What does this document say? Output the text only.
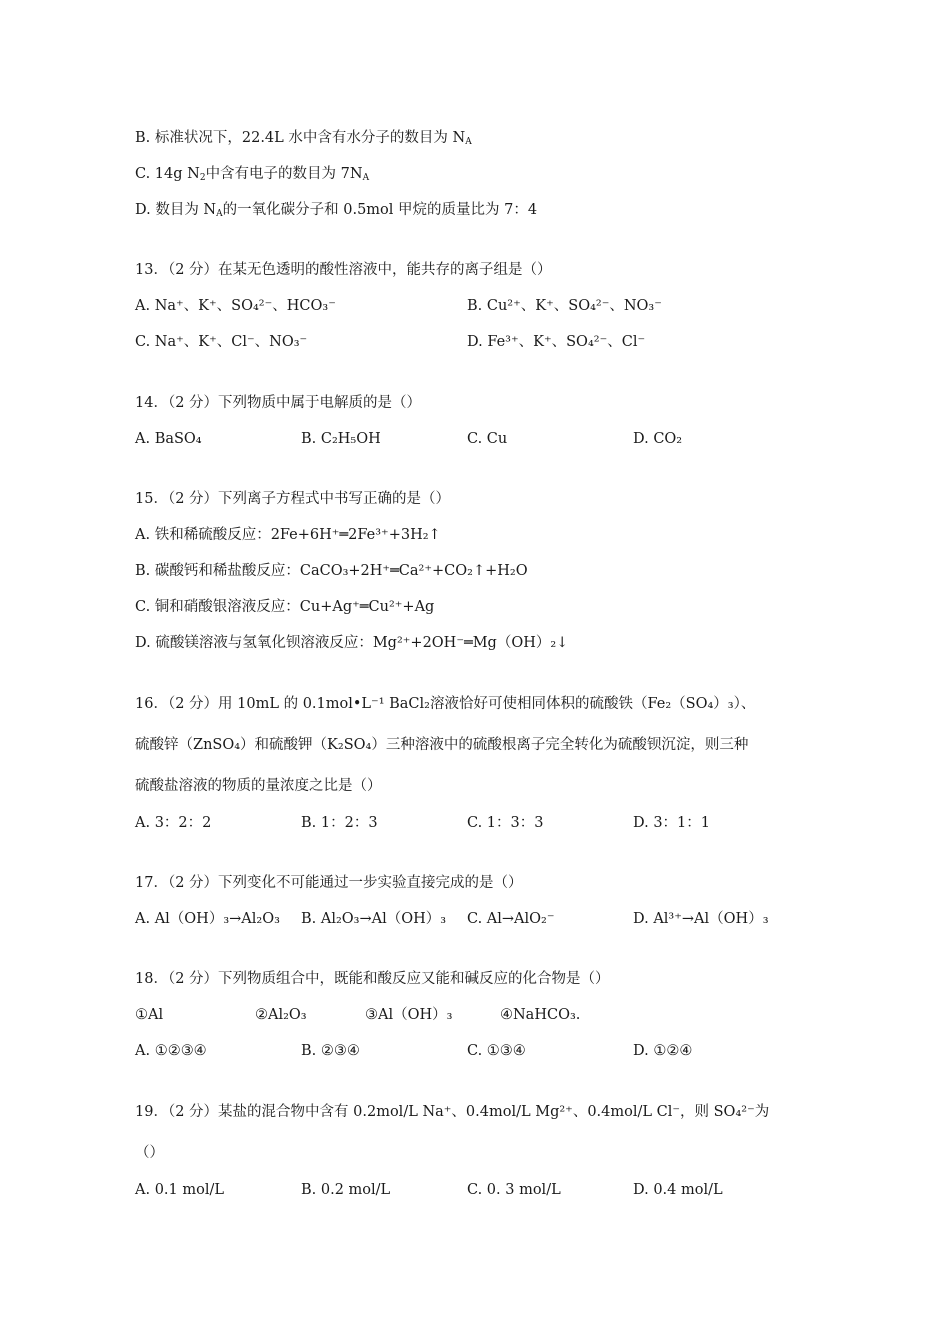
B. 标准状况下，22.4L 水中含有水分子的数目为 $N_A$
C. 14g $N_2$中含有电子的数目为 $7N_A$
D. 数目为 $N_A$的一氧化碳分子和 0.5mol 甲烷的质量比为 7：4
13．（2 分）在某无色透明的酸性溶液中，能共存的离子组是（）
A. Na⁺、K⁺、SO₄²⁻、HCO₃⁻	B. Cu²⁺、K⁺、SO₄²⁻、NO₃⁻
C. Na⁺、K⁺、Cl⁻、NO₃⁻	D. Fe³⁺、K⁺、SO₄²⁻、Cl⁻
14．（2 分）下列物质中属于电解质的是（）
A. BaSO₄	B. C₂H₅OH	C. Cu	D. CO₂
15．（2 分）下列离子方程式中书写正确的是（）
A. 铁和稀硫酸反应：2Fe+6H⁺═2Fe³⁺+3H₂↑
B. 碳酸钙和稀盐酸反应：CaCO₃+2H⁺═Ca²⁺+CO₂↑+H₂O
C. 铜和硝酸银溶液反应：Cu+Ag⁺═Cu²⁺+Ag
D. 硫酸镁溶液与氢氧化钡溶液反应：Mg²⁺+2OH⁻═Mg（OH）₂↓
16．（2 分）用 10mL 的 0.1mol•L⁻¹ BaCl₂溶液恰好可使相同体积的硫酸铁（Fe₂（SO₄）₃）、
硫酸锌（ZnSO₄）和硫酸钾（K₂SO₄）三种溶液中的硫酸根离子完全转化为硫酸钡沉淀，则三种
硫酸盐溶液的物质的量浓度之比是（）
A. 3：2：2	B. 1：2：3	C. 1：3：3	D. 3：1：1
17．（2 分）下列变化不可能通过一步实验直接完成的是（）
A. Al（OH）₃→Al₂O₃ B. Al₂O₃→Al（OH）₃ C. Al→AlO₂⁻	D. Al³⁺→Al（OH）₃
18．（2 分）下列物质组合中，既能和酸反应又能和碱反应的化合物是（）
①Al	②Al₂O₃	③Al（OH）₃	④NaHCO₃.
A. ①②③④	B. ②③④	C. ①③④	D. ①②④
19．（2 分）某盐的混合物中含有 0.2mol/L Na⁺、0.4mol/L Mg²⁺、0.4mol/L Cl⁻，则 SO₄²⁻为
（）
A. 0.1 mol/L	B. 0.2 mol/L	C. 0. 3 mol/L	D. 0.4 mol/L
